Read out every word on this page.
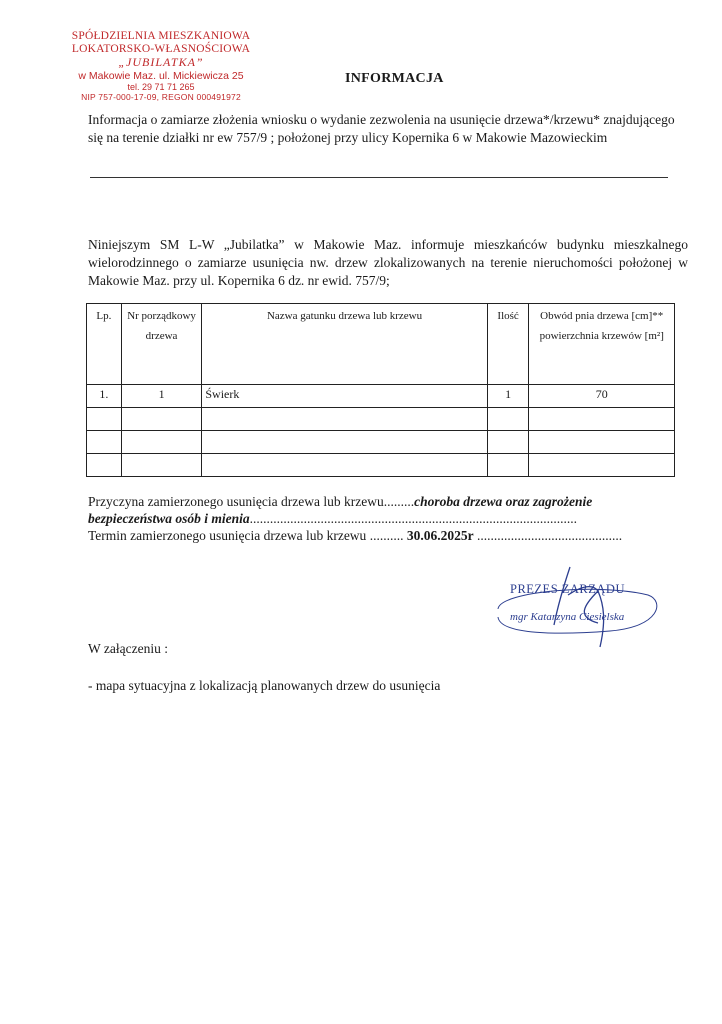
SPÓŁDZIELNIA MIESZKANIOWA
LOKATORSKO-WŁASNOŚCIOWA
„JUBILATKA”
w Makowie Maz. ul. Mickiewicza 25
tel. 29 71 71 265
NIP 757-000-17-09, REGON 000491972
INFORMACJA
Informacja o zamiarze złożenia wniosku o wydanie zezwolenia na usunięcie drzewa*/krzewu* znajdującego się na terenie działki nr ew 757/9 ; położonej przy ulicy Kopernika 6 w Makowie Mazowieckim
Niniejszym SM L-W „Jubilatka” w Makowie Maz. informuje mieszkańców budynku mieszkalnego wielorodzinnego o zamiarze usunięcia nw. drzew zlokalizowanych na terenie nieruchomości położonej w Makowie Maz. przy ul. Kopernika 6 dz. nr ewid. 757/9;
Lp.	Nr porządkowy drzewa	Nazwa gatunku drzewa lub krzewu	Ilość	Obwód pnia drzewa [cm]** powierzchnia krzewów [m²]
1.	1	Świerk	1	70

Przyczyna zamierzonego usunięcia drzewa lub krzewu.........choroba drzewa oraz zagrożenie
bezpieczeństwa osób i mienia.................................................................................................
Termin zamierzonego usunięcia drzewa lub krzewu .......... 30.06.2025r ...........................................
PREZES ZARZĄDU
mgr Katarzyna Ciesielska
W załączeniu :
- mapa sytuacyjna z lokalizacją planowanych drzew do usunięcia
